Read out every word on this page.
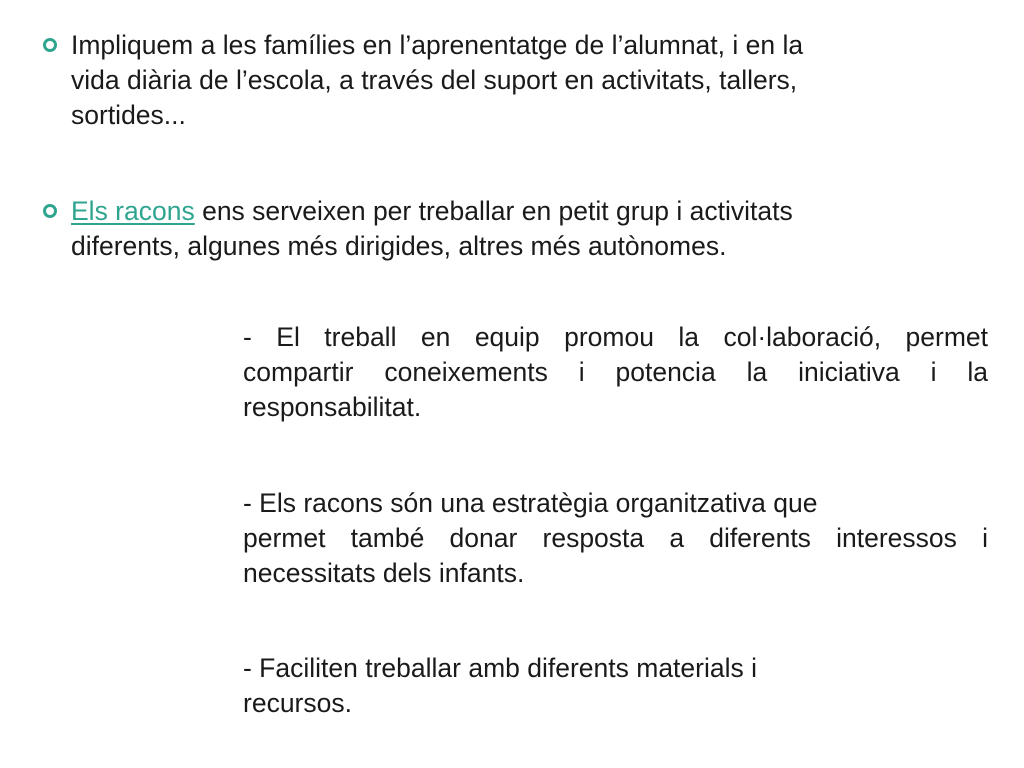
Impliquem a les famílies en l’aprenentatge de l’alumnat, i en la
vida diària de l’escola, a través del suport en activitats, tallers,
sortides...

Els racons ens serveixen per treballar en petit grup i activitats
diferents, algunes més dirigides, altres més autònomes.

- El treball en equip promou la col·laboració, permet
compartir coneixements i potencia la iniciativa i la
responsabilitat.

- Els racons són una estratègia organitzativa que
permet també donar resposta a diferents interessos i
necessitats dels infants.

- Faciliten treballar amb diferents materials i
recursos.
